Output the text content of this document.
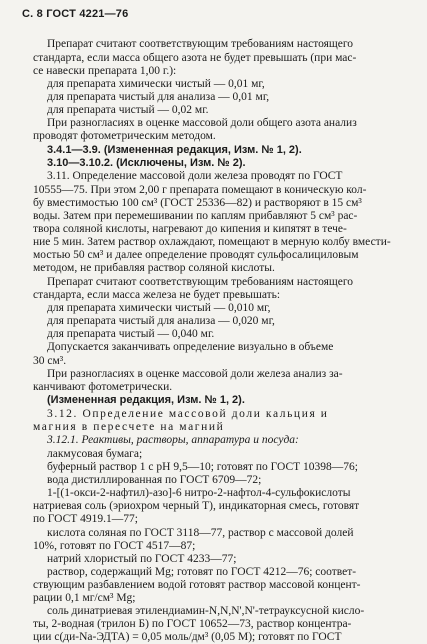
С. 8 ГОСТ 4221—76
Препарат считают соответствующим требованиям настоящего
стандарта, если масса общего азота не будет превышать (при мас-
се навески препарата 1,00 г.):
для препарата химически чистый — 0,01 мг,
для препарата чистый для анализа — 0,01 мг,
для препарата чистый — 0,02 мг.
При разногласиях в оценке массовой доли общего азота анализ
проводят фотометрическим методом.
3.4.1—3.9. (Измененная редакция, Изм. № 1, 2).
3.10—3.10.2. (Исключены, Изм. № 2).
3.11. Определение массовой доли железа проводят по ГОСТ
10555—75. При этом 2,00 г препарата помещают в коническую кол-
бу вместимостью 100 см³ (ГОСТ 25336—82) и растворяют в 15 см³
воды. Затем при перемешивании по каплям прибавляют 5 см³ рас-
твора соляной кислоты, нагревают до кипения и кипятят в тече-
ние 5 мин. Затем раствор охлаждают, помещают в мерную колбу вмести-
мостью 50 см³ и далее определение проводят сульфосалициловым
методом, не прибавляя раствор соляной кислоты.
Препарат считают соответствующим требованиям настоящего
стандарта, если масса железа не будет превышать:
для препарата химически чистый — 0,010 мг,
для препарата чистый для анализа — 0,020 мг,
для препарата чистый — 0,040 мг.
Допускается заканчивать определение визуально в объеме
30 см³.
При разногласиях в оценке массовой доли железа анализ за-
канчивают фотометрически.
(Измененная редакция, Изм. № 1, 2).
3.12. Определение массовой доли кальция и
магния в пересчете на магний
3.12.1. Реактивы, растворы, аппаратура и посуда:
лакмусовая бумага;
буферный раствор 1 с рН 9,5—10; готовят по ГОСТ 10398—76;
вода дистиллированная по ГОСТ 6709—72;
1-[(1-окси-2-нафтил)-азо]-6 нитро-2-нафтол-4-сульфокислоты
натриевая соль (эриохром черный Т), индикаторная смесь, готовят
по ГОСТ 4919.1—77;
кислота соляная по ГОСТ 3118—77, раствор с массовой долей
10%, готовят по ГОСТ 4517—87;
натрий хлористый по ГОСТ 4233—77;
раствор, содержащий Mg; готовят по ГОСТ 4212—76; соответ-
ствующим разбавлением водой готовят раствор массовой концент-
рации 0,1 мг/см³ Mg;
соль динатриевая этилендиамин-N,N,N',N'-тетрауксусной кисло-
ты, 2-водная (трилон Б) по ГОСТ 10652—73, раствор концентра-
ции с(ди-Na-ЭДТА) = 0,05 моль/дм³ (0,05 М); готовят по ГОСТ
